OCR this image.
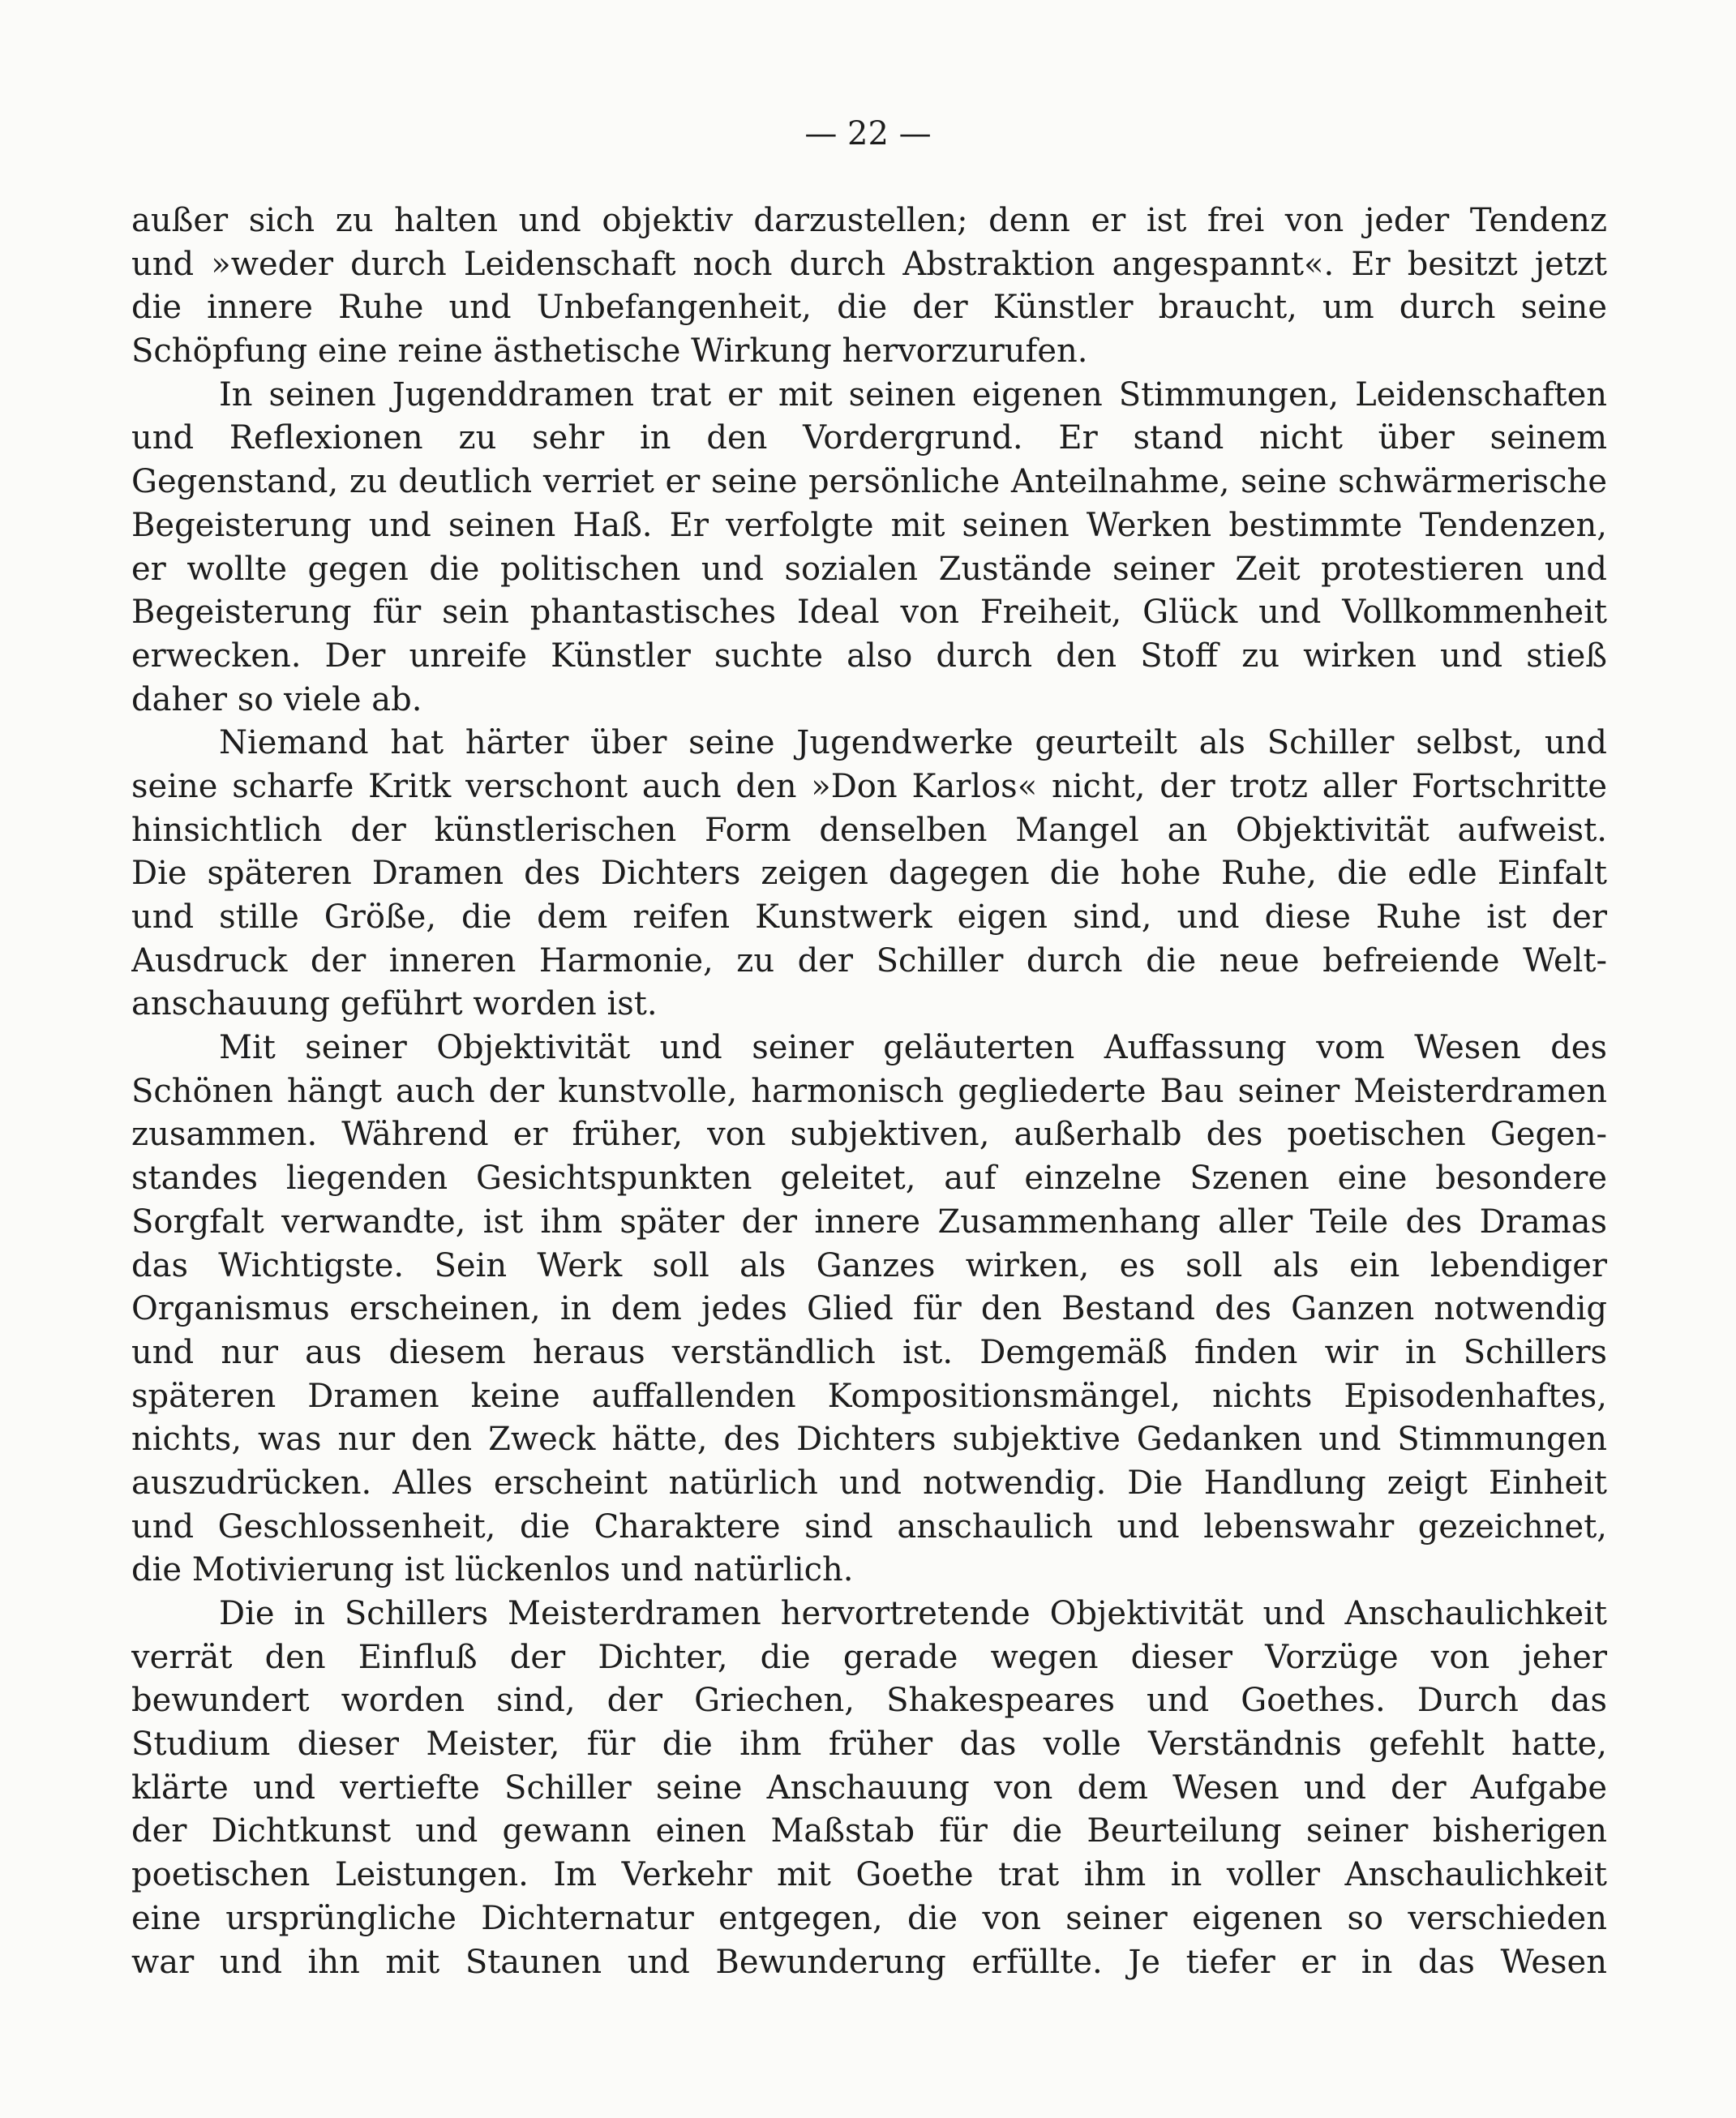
— 22 —
außer sich zu halten und objektiv darzustellen; denn er ist frei von jeder Tendenz
und »weder durch Leidenschaft noch durch Abstraktion angespannt«. Er besitzt jetzt
die innere Ruhe und Unbefangenheit, die der Künstler braucht, um durch seine
Schöpfung eine reine ästhetische Wirkung hervorzurufen.
In seinen Jugenddramen trat er mit seinen eigenen Stimmungen, Leidenschaften
und Reflexionen zu sehr in den Vordergrund. Er stand nicht über seinem
Gegenstand, zu deutlich verriet er seine persönliche Anteilnahme, seine schwärmerische
Begeisterung und seinen Haß. Er verfolgte mit seinen Werken bestimmte Tendenzen,
er wollte gegen die politischen und sozialen Zustände seiner Zeit protestieren und
Begeisterung für sein phantastisches Ideal von Freiheit, Glück und Vollkommenheit
erwecken. Der unreife Künstler suchte also durch den Stoff zu wirken und stieß
daher so viele ab.
Niemand hat härter über seine Jugendwerke geurteilt als Schiller selbst, und
seine scharfe Kritk verschont auch den »Don Karlos« nicht, der trotz aller Fortschritte
hinsichtlich der künstlerischen Form denselben Mangel an Objektivität aufweist.
Die späteren Dramen des Dichters zeigen dagegen die hohe Ruhe, die edle Einfalt
und stille Größe, die dem reifen Kunstwerk eigen sind, und diese Ruhe ist der
Ausdruck der inneren Harmonie, zu der Schiller durch die neue befreiende Welt-
anschauung geführt worden ist.
Mit seiner Objektivität und seiner geläuterten Auffassung vom Wesen des
Schönen hängt auch der kunstvolle, harmonisch gegliederte Bau seiner Meisterdramen
zusammen. Während er früher, von subjektiven, außerhalb des poetischen Gegen-
standes liegenden Gesichtspunkten geleitet, auf einzelne Szenen eine besondere
Sorgfalt verwandte, ist ihm später der innere Zusammenhang aller Teile des Dramas
das Wichtigste. Sein Werk soll als Ganzes wirken, es soll als ein lebendiger
Organismus erscheinen, in dem jedes Glied für den Bestand des Ganzen notwendig
und nur aus diesem heraus verständlich ist. Demgemäß finden wir in Schillers
späteren Dramen keine auffallenden Kompositionsmängel, nichts Episodenhaftes,
nichts, was nur den Zweck hätte, des Dichters subjektive Gedanken und Stimmungen
auszudrücken. Alles erscheint natürlich und notwendig. Die Handlung zeigt Einheit
und Geschlossenheit, die Charaktere sind anschaulich und lebenswahr gezeichnet,
die Motivierung ist lückenlos und natürlich.
Die in Schillers Meisterdramen hervortretende Objektivität und Anschaulichkeit
verrät den Einfluß der Dichter, die gerade wegen dieser Vorzüge von jeher
bewundert worden sind, der Griechen, Shakespeares und Goethes. Durch das
Studium dieser Meister, für die ihm früher das volle Verständnis gefehlt hatte,
klärte und vertiefte Schiller seine Anschauung von dem Wesen und der Aufgabe
der Dichtkunst und gewann einen Maßstab für die Beurteilung seiner bisherigen
poetischen Leistungen. Im Verkehr mit Goethe trat ihm in voller Anschaulichkeit
eine ursprüngliche Dichternatur entgegen, die von seiner eigenen so verschieden
war und ihn mit Staunen und Bewunderung erfüllte. Je tiefer er in das Wesen
